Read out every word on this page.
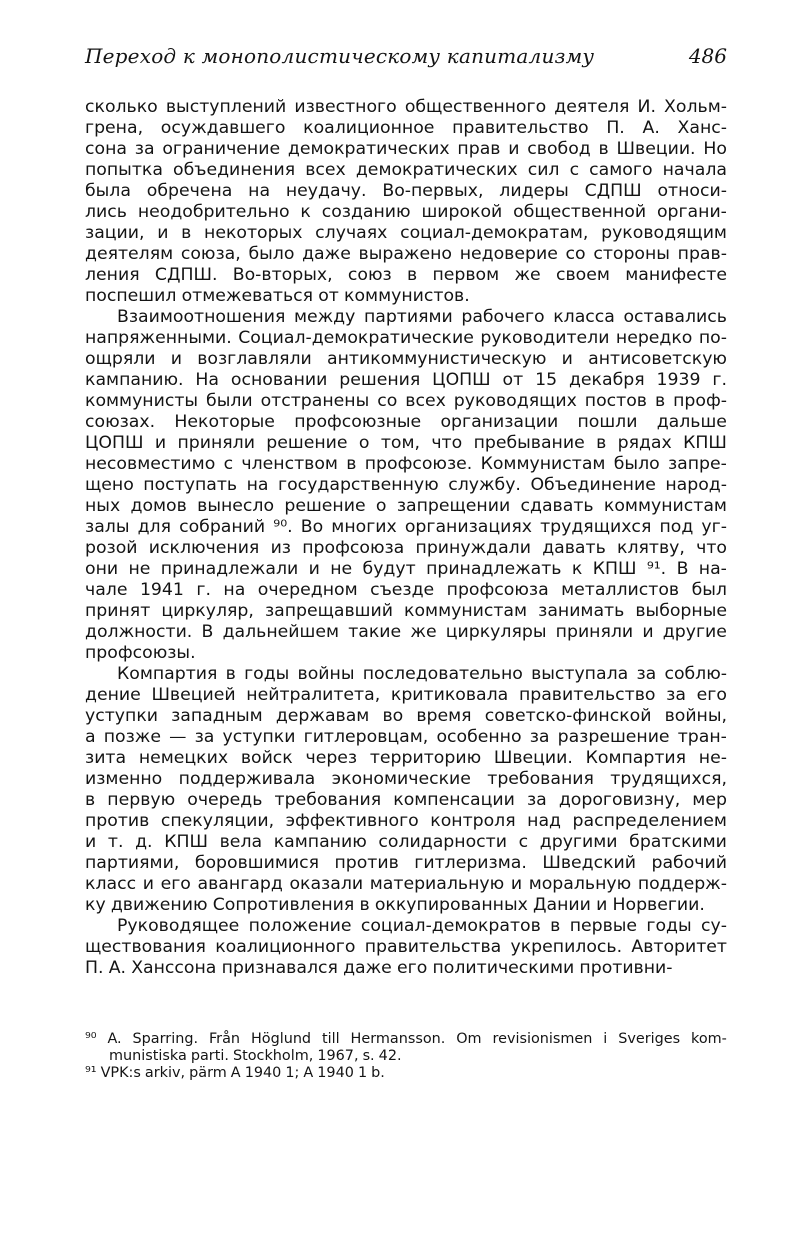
Переход к монополистическому капитализму	486
сколько выступлений известного общественного деятеля И. Хольм-
грена, осуждавшего коалиционное правительство П. А. Ханс-
сона за ограничение демократических прав и свобод в Швеции. Но
попытка объединения всех демократических сил с самого начала
была обречена на неудачу. Во-первых, лидеры СДПШ относи-
лись неодобрительно к созданию широкой общественной органи-
зации, и в некоторых случаях социал-демократам, руководящим
деятелям союза, было даже выражено недоверие со стороны прав-
ления СДПШ. Во-вторых, союз в первом же своем манифесте
поспешил отмежеваться от коммунистов.
Взаимоотношения между партиями рабочего класса оставались
напряженными. Социал-демократические руководители нередко по-
ощряли и возглавляли антикоммунистическую и антисоветскую
кампанию. На основании решения ЦОПШ от 15 декабря 1939 г.
коммунисты были отстранены со всех руководящих постов в проф-
союзах. Некоторые профсоюзные организации пошли дальше
ЦОПШ и приняли решение о том, что пребывание в рядах КПШ
несовместимо с членством в профсоюзе. Коммунистам было запре-
щено поступать на государственную службу. Объединение народ-
ных домов вынесло решение о запрещении сдавать коммунистам
залы для собраний ⁹⁰. Во многих организациях трудящихся под уг-
розой исключения из профсоюза принуждали давать клятву, что
они не принадлежали и не будут принадлежать к КПШ ⁹¹. В на-
чале 1941 г. на очередном съезде профсоюза металлистов был
принят циркуляр, запрещавший коммунистам занимать выборные
должности. В дальнейшем такие же циркуляры приняли и другие
профсоюзы.
Компартия в годы войны последовательно выступала за соблю-
дение Швецией нейтралитета, критиковала правительство за его
уступки западным державам во время советско-финской войны,
а позже — за уступки гитлеровцам, особенно за разрешение тран-
зита немецких войск через территорию Швеции. Компартия не-
изменно поддерживала экономические требования трудящихся,
в первую очередь требования компенсации за дороговизну, мер
против спекуляции, эффективного контроля над распределением
и т. д. КПШ вела кампанию солидарности с другими братскими
партиями, боровшимися против гитлеризма. Шведский рабочий
класс и его авангард оказали материальную и моральную поддерж-
ку движению Сопротивления в оккупированных Дании и Норвегии.
Руководящее положение социал-демократов в первые годы су-
ществования коалиционного правительства укрепилось. Авторитет
П. А. Ханссона признавался даже его политическими противни-
⁹⁰ A. Sparring. Från Höglund till Hermansson. Om revisionismen i Sveriges kom-
munistiska parti. Stockholm, 1967, s. 42.
⁹¹ VPK:s arkiv, pärm A 1940 1; A 1940 1 b.
